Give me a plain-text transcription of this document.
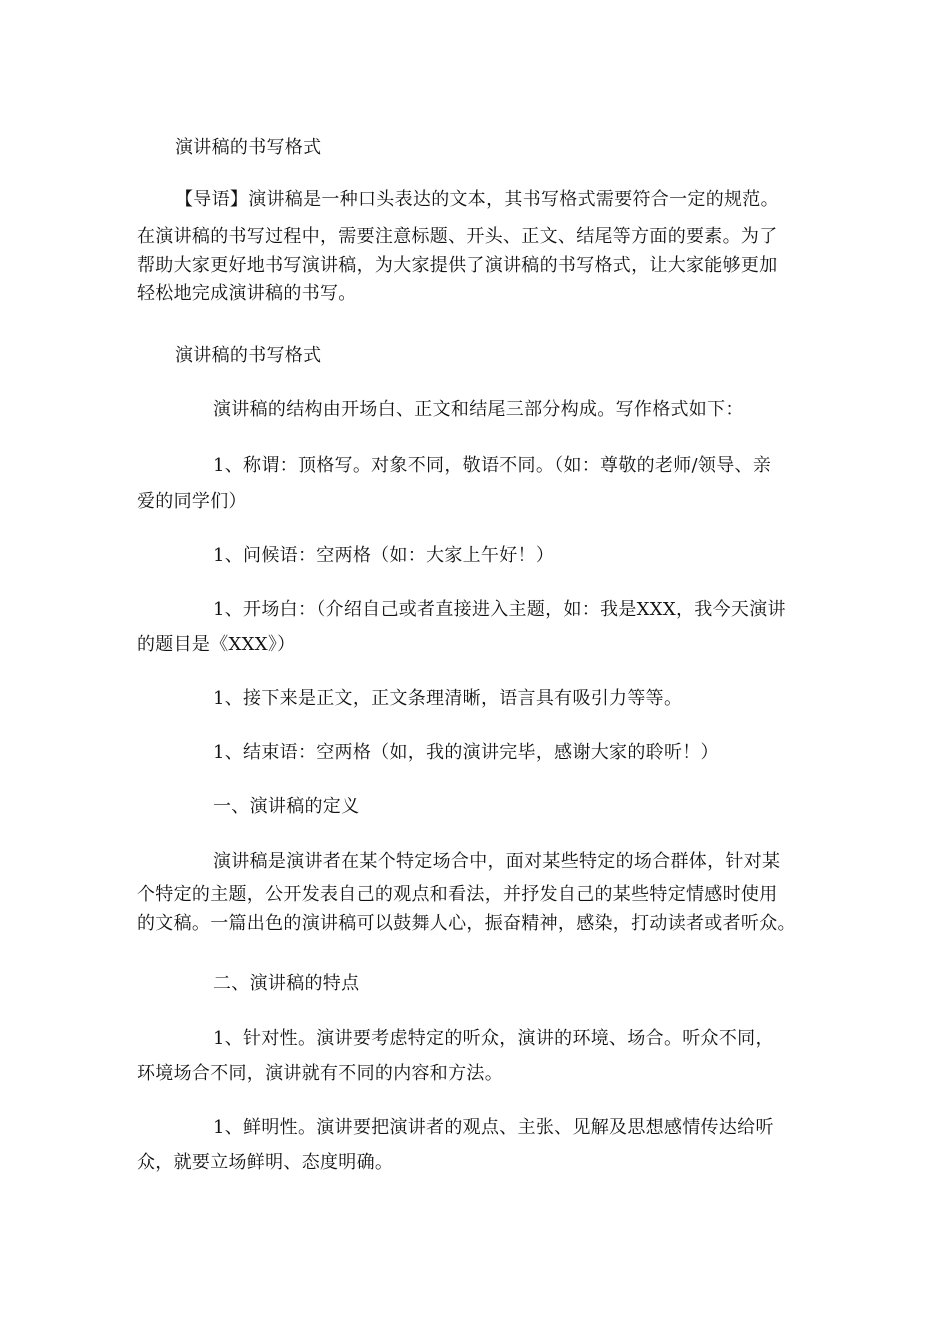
演讲稿的书写格式

【导语】演讲稿是一种口头表达的文本，其书写格式需要符合一定的规范。

在演讲稿的书写过程中，需要注意标题、开头、正文、结尾等方面的要素。为了
帮助大家更好地书写演讲稿，为大家提供了演讲稿的书写格式，让大家能够更加
轻松地完成演讲稿的书写。

演讲稿的书写格式

演讲稿的结构由开场白、正文和结尾三部分构成。写作格式如下：

1、称谓：顶格写。对象不同，敬语不同。（如：尊敬的老师/领导、亲

爱的同学们）

1、问候语：空两格（如：大家上午好！）

1、开场白：（介绍自己或者直接进入主题，如：我是XXX，我今天演讲

的题目是《XXX》）

1、接下来是正文，正文条理清晰，语言具有吸引力等等。

1、结束语：空两格（如，我的演讲完毕，感谢大家的聆听！）

一、演讲稿的定义

演讲稿是演讲者在某个特定场合中，面对某些特定的场合群体，针对某

个特定的主题，公开发表自己的观点和看法，并抒发自己的某些特定情感时使用
的文稿。一篇出色的演讲稿可以鼓舞人心，振奋精神，感染，打动读者或者听众。

二、演讲稿的特点

1、针对性。演讲要考虑特定的听众，演讲的环境、场合。听众不同，

环境场合不同，演讲就有不同的内容和方法。

1、鲜明性。演讲要把演讲者的观点、主张、见解及思想感情传达给听

众，就要立场鲜明、态度明确。
